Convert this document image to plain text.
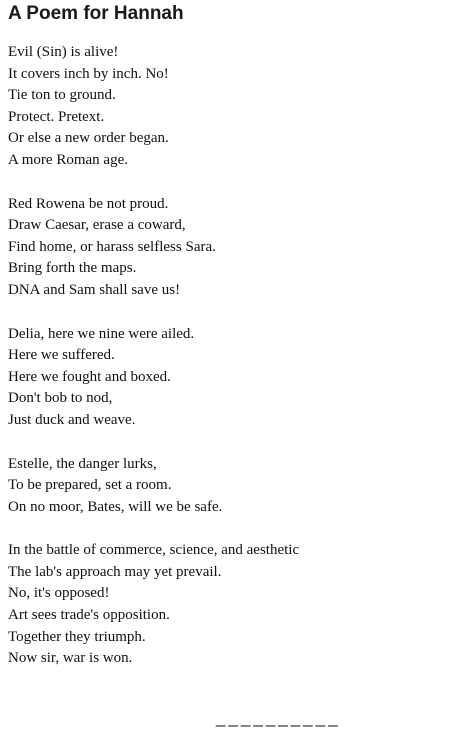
A Poem for Hannah
Evil (Sin) is alive!
It covers inch by inch. No!
Tie ton to ground.
Protect. Pretext.
Or else a new order began.
A more Roman age.
Red Rowena be not proud.
Draw Caesar, erase a coward,
Find home, or harass selfless Sara.
Bring forth the maps.
DNA and Sam shall save us!
Delia, here we nine were ailed.
Here we suffered.
Here we fought and boxed.
Don't bob to nod,
Just duck and weave.
Estelle, the danger lurks,
To be prepared, set a room.
On no moor, Bates, will we be safe.
In the battle of commerce, science, and aesthetic
The lab's approach may yet prevail.
No, it's opposed!
Art sees trade's opposition.
Together they triumph.
Now sir, war is won.
__________
